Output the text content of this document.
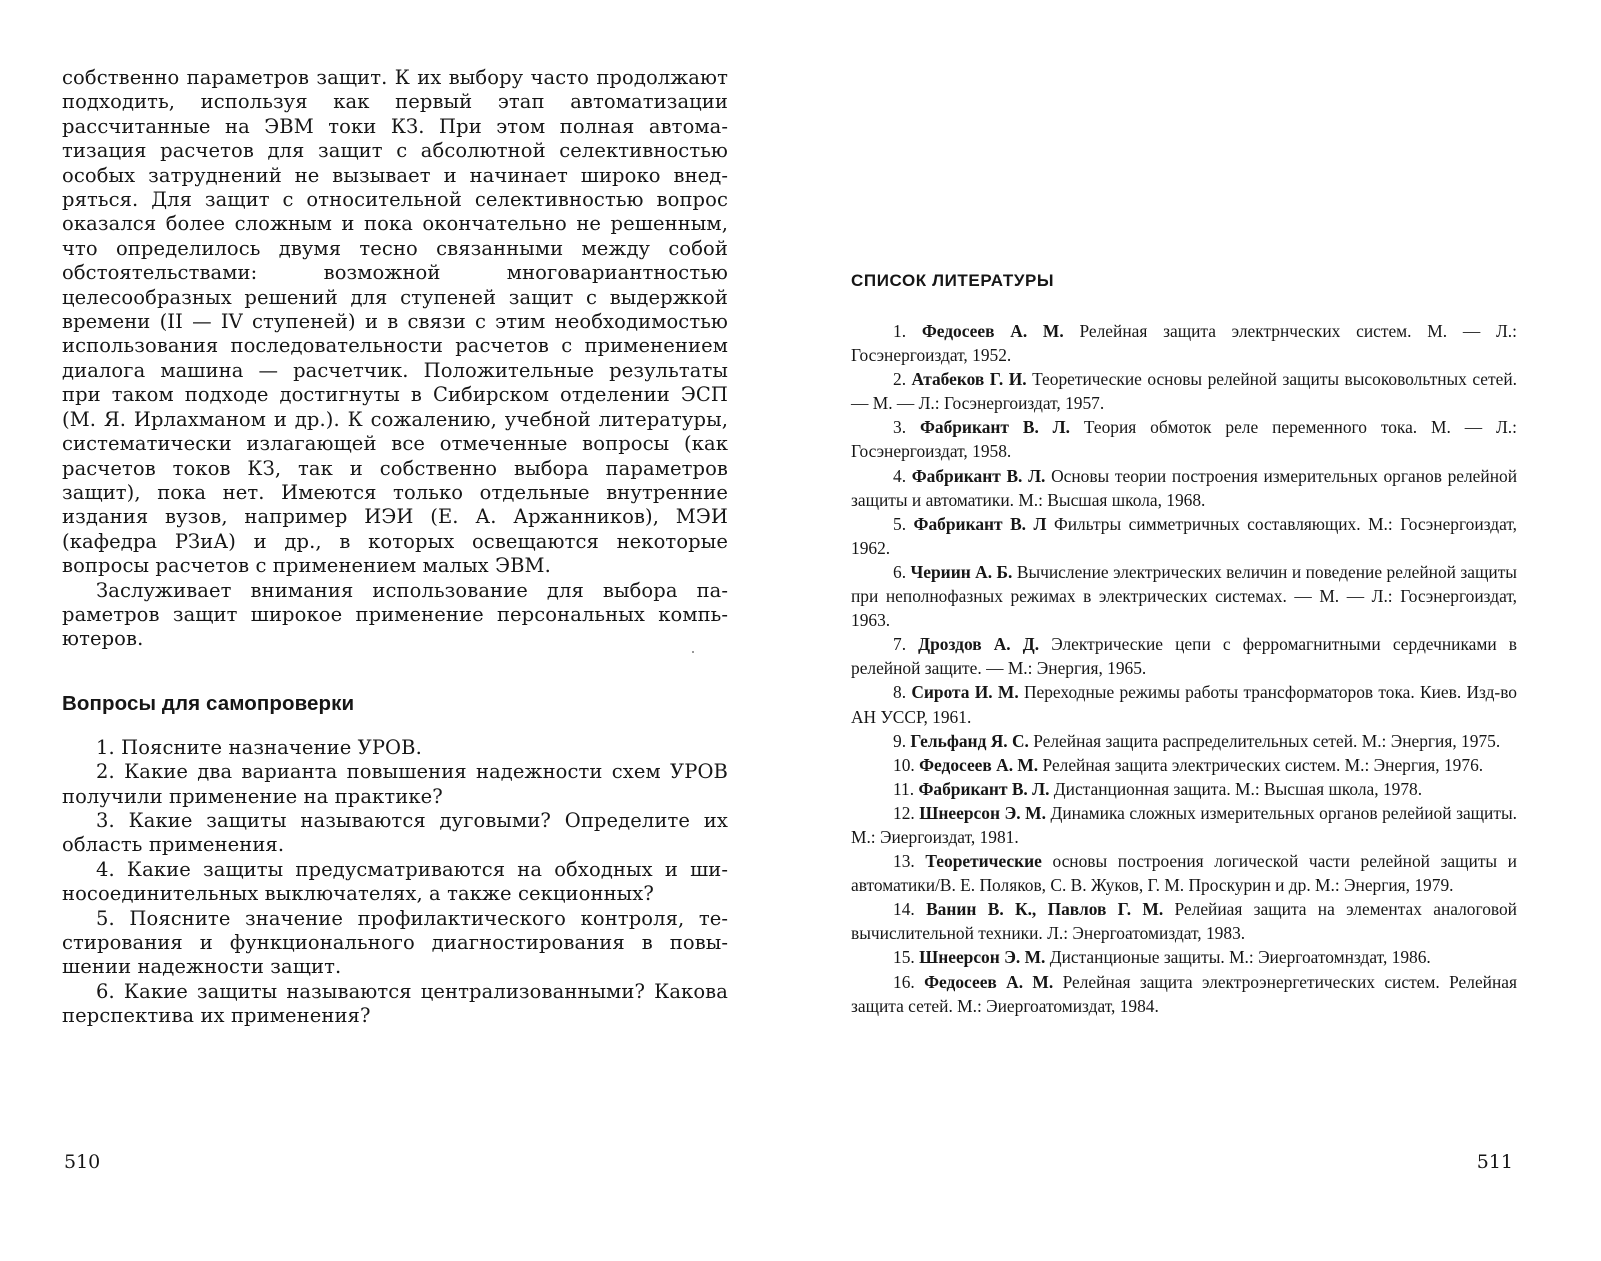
собственно параметров защит. К их выбору часто продолжают подходить, используя как первый этап автоматизации рассчитанные на ЭВМ токи КЗ. При этом полная автоматизация расчетов для защит с абсолютной селективностью особых затруднений не вызывает и начинает широко внедряться. Для защит с относительной селективностью вопрос оказался более сложным и пока окончательно не решенным, что определилось двумя тесно связанными между собой обстоятельствами: возможной многовариантностью целесообразных решений для ступеней защит с выдержкой времени (II — IV ступеней) и в связи с этим необходимостью использования последовательности расчетов с применением диалога машина — расчетчик. Положительные результаты при таком подходе достигнуты в Сибирском отделении ЭСП (М. Я. Ирлахманом и др.). К сожалению, учебной литературы, систематически излагающей все отмеченные вопросы (как расчетов токов КЗ, так и собственно выбора параметров защит), пока нет. Имеются только отдельные внутренние издания вузов, например ИЭИ (Е. А. Аржанников), МЭИ (кафедра РЗиА) и др., в которых освещаются некоторые вопросы расчетов с применением малых ЭВМ.

Заслуживает внимания использование для выбора параметров защит широкое применение персональных компьютеров.

Вопросы для самопроверки

1. Поясните назначение УРОВ.

2. Какие два варианта повышения надежности схем УРОВ получили применение на практике?

3. Какие защиты называются дуговыми? Определите их область применения.

4. Какие защиты предусматриваются на обходных и шиносоединительных выключателях, а также секционных?

5. Поясните значение профилактического контроля, тестирования и функционального диагностирования в повышении надежности защит.

6. Какие защиты называются централизованными? Какова перспектива их применения?

510
СПИСОК ЛИТЕРАТУРЫ

1. Федосеев А. М. Релейная защита электрнческих систем. М. — Л.: Госэнергоиздат, 1952.

2. Атабеков Г. И. Теоретические основы релейной защиты высоковольтных сетей. — М. — Л.: Госэнергоиздат, 1957.

3. Фабрикант В. Л. Теория обмоток реле переменного тока. М. — Л.: Госэнергоиздат, 1958.

4. Фабрикант В. Л. Основы теории построения измерительных органов релейной защиты и автоматики. М.: Высшая школа, 1968.

5. Фабрикант В. Л Фильтры симметричных составляющих. М.: Госэнергоиздат, 1962.

6. Чериин А. Б. Вычисление электрических величин и поведение релейной защиты при неполнофазных режимах в электрических системах. — М. — Л.: Госэнергоиздат, 1963.

7. Дроздов А. Д. Электрические цепи с ферромагнитными сердечниками в релейной защите. — М.: Энергия, 1965.

8. Сирота И. М. Переходные режимы работы трансформаторов тока. Киев. Изд-во АН УССР, 1961.

9. Гельфанд Я. С. Релейная защита распределительных сетей. М.: Энергия, 1975.

10. Федосеев А. М. Релейная защита электрических систем. М.: Энергия, 1976.

11. Фабрикант В. Л. Дистанционная защита. М.: Высшая школа, 1978.

12. Шнеерсон Э. М. Динамика сложных измерительных органов релейиой защиты. М.: Эиергоиздат, 1981.

13. Теоретические основы построения логической части релейной защиты и автоматики/В. Е. Поляков, С. В. Жуков, Г. М. Проскурин и др. М.: Энергия, 1979.

14. Ванин В. К., Павлов Г. М. Релейиая защита на элементах аналоговой вычислительной техники. Л.: Энергоатомиздат, 1983.

15. Шнеерсон Э. М. Дистанционые защиты. М.: Эиергоатомнздат, 1986.

16. Федосеев А. М. Релейная защита электроэнергетических систем. Релейная защита сетей. М.: Эиергоатомиздат, 1984.

511
